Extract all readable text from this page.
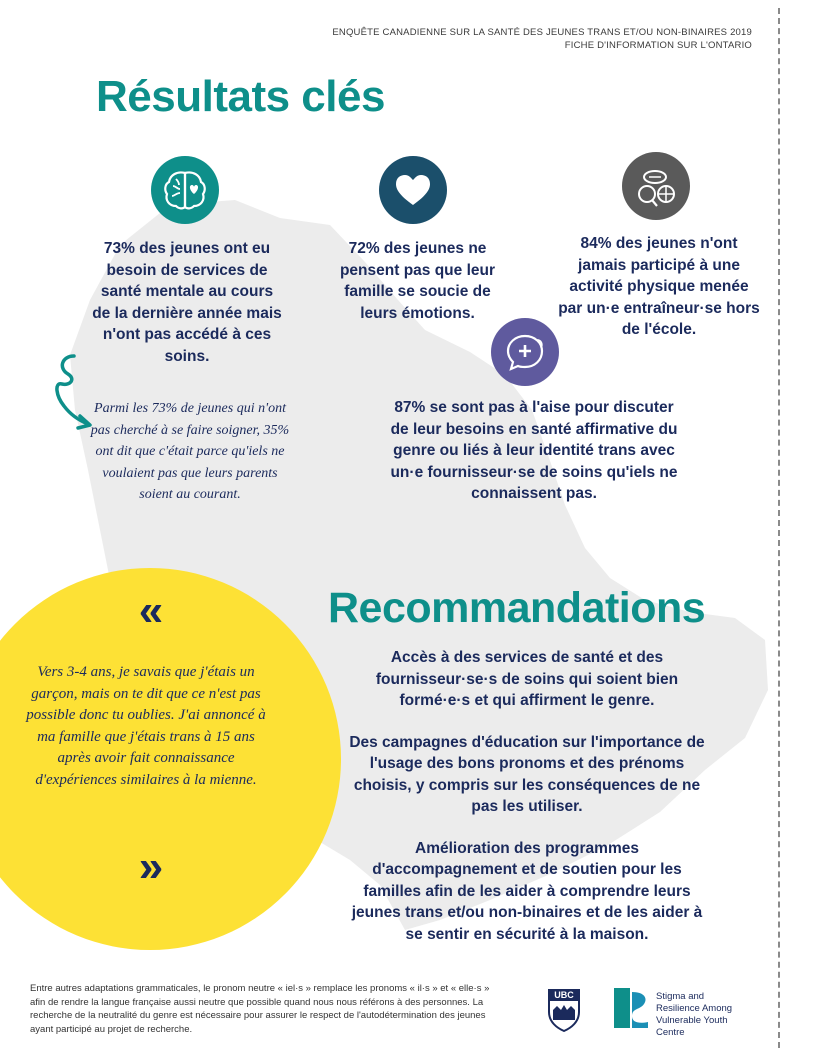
ENQUÊTE CANADIENNE SUR LA SANTÉ DES JEUNES TRANS ET/OU NON-BINAIRES 2019
FICHE D'INFORMATION SUR L'ONTARIO
Résultats clés
73% des jeunes ont eu besoin de services de santé mentale au cours de la dernière année mais n'ont pas accédé à ces soins.
72% des jeunes ne pensent pas que leur famille se soucie de leurs émotions.
84% des jeunes n'ont jamais participé à une activité physique menée par un·e entraîneur·se hors de l'école.

Parmi les 73% de jeunes qui n'ont pas cherché à se faire soigner, 35% ont dit que c'était parce qu'iels ne voulaient pas que leurs parents soient au courant.

87% se sont pas à l'aise pour discuter de leur besoins en santé affirmative du genre ou liés à leur identité trans avec un·e fournisseur·se de soins qu'iels ne connaissent pas.
«

Vers 3-4 ans, je savais que j'étais un garçon, mais on te dit que ce n'est pas possible donc tu oublies. J'ai annoncé à ma famille que j'étais trans à 15 ans après avoir fait connaissance d'expériences similaires à la mienne.

»
Recommandations

Accès à des services de santé et des fournisseur·se·s de soins qui soient bien formé·e·s et qui affirment le genre.

Des campagnes d'éducation sur l'importance de l'usage des bons pronoms et des prénoms choisis, y compris sur les conséquences de ne pas les utiliser.

Amélioration des programmes d'accompagnement et de soutien pour les familles afin de les aider à comprendre leurs jeunes trans et/ou non-binaires et de les aider à se sentir en sécurité à la maison.

Entre autres adaptations grammaticales, le pronom neutre « iel·s » remplace les pronoms « il·s » et « elle·s » afin de rendre la langue française aussi neutre que possible quand nous nous référons à des personnes. La recherche de la neutralité du genre est nécessaire pour assurer le respect de l'autodétermination des jeunes ayant participé au projet de recherche.

UBC	Stigma and Resilience Among Vulnerable Youth Centre
